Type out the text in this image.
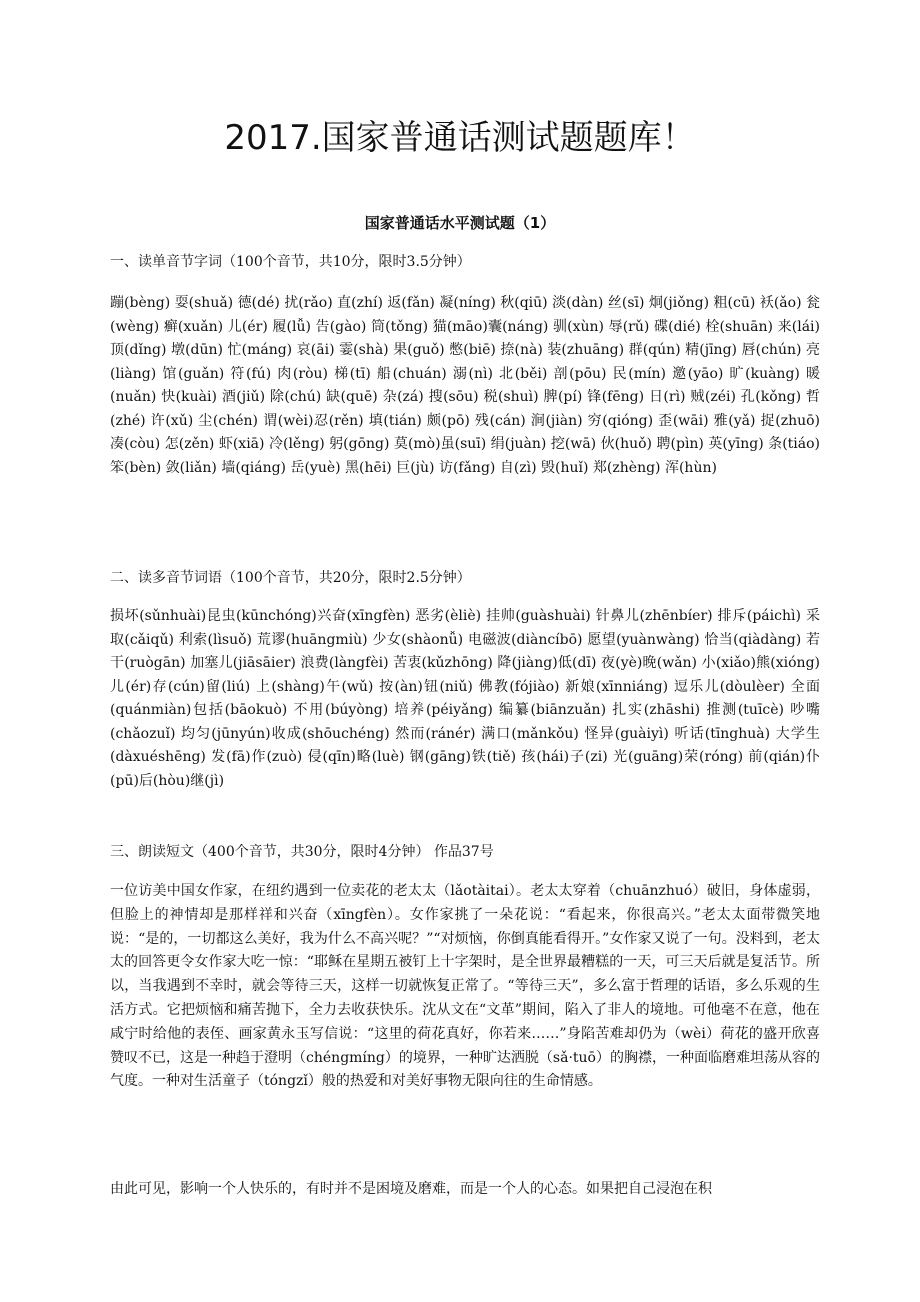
2017.国家普通话测试题题库！
国家普通话水平测试题（1）

一、读单音节字词（100个音节，共10分，限时3.5分钟）

蹦(bèng) 耍(shuǎ) 德(dé) 扰(rǎo) 直(zhí) 返(fǎn) 凝(níng) 秋(qiū) 淡(dàn) 丝(sī) 炯(jiǒng) 粗(cū) 袄(ǎo) 瓮(wèng) 癣(xuǎn) 儿(ér) 履(lǚ) 告(gào) 筒(tǒng) 猫(māo)囊(náng) 驯(xùn) 辱(rǔ) 碟(dié) 栓(shuān) 来(lái) 顶(dǐng) 墩(dūn) 忙(máng) 哀(āi) 霎(shà) 果(guǒ) 憋(biē) 捺(nà) 装(zhuāng) 群(qún) 精(jīng) 唇(chún) 亮(liàng) 馆(guǎn) 符(fú) 肉(ròu) 梯(tī) 船(chuán) 溺(nì) 北(běi) 剖(pōu) 民(mín) 邀(yāo) 旷(kuàng) 暖(nuǎn) 快(kuài) 酒(jiǔ) 除(chú) 缺(quē) 杂(zá) 搜(sōu) 税(shuì) 脾(pí) 锋(fēng) 日(rì) 贼(zéi) 孔(kǒng) 哲(zhé) 许(xǔ) 尘(chén) 谓(wèi)忍(rěn) 填(tián) 颇(pō) 残(cán) 涧(jiàn) 穷(qióng) 歪(wāi) 雅(yǎ) 捉(zhuō) 凑(còu) 怎(zěn) 虾(xiā) 冷(lěng) 躬(gōng) 莫(mò)虽(suī) 绢(juàn) 挖(wā) 伙(huǒ) 聘(pìn) 英(yīng) 条(tiáo) 笨(bèn) 敛(liǎn) 墙(qiáng) 岳(yuè) 黑(hēi) 巨(jù) 访(fǎng) 自(zì) 毁(huǐ) 郑(zhèng) 浑(hùn)

二、读多音节词语（100个音节，共20分，限时2.5分钟）

损坏(sǔnhuài)昆虫(kūnchóng)兴奋(xīngfèn) 恶劣(èliè) 挂帅(guàshuài) 针鼻儿(zhēnbíer) 排斥(páichì) 采取(cǎiqǔ) 利索(lìsuǒ) 荒谬(huāngmiù) 少女(shàonǚ) 电磁波(diàncíbō) 愿望(yuànwàng) 恰当(qiàdàng) 若干(ruògān) 加塞儿(jiāsāier) 浪费(làngfèi) 苦衷(kǔzhōng) 降(jiàng)低(dī) 夜(yè)晚(wǎn) 小(xiǎo)熊(xióng)儿(ér)存(cún)留(liú) 上(shàng)午(wǔ) 按(àn)钮(niǔ) 佛教(fójiào) 新娘(xīnniáng) 逗乐儿(dòulèer) 全面(quánmiàn)包括(bāokuò) 不用(búyòng) 培养(péiyǎng) 编纂(biānzuǎn) 扎实(zhāshi) 推测(tuīcè) 吵嘴(chǎozuǐ) 均匀(jūnyún)收成(shōuchéng) 然而(ránér) 满口(mǎnkǒu) 怪异(guàiyì) 听话(tīnghuà) 大学生(dàxuéshēng) 发(fā)作(zuò) 侵(qīn)略(luè) 钢(gāng)铁(tiě) 孩(hái)子(zi) 光(guāng)荣(róng) 前(qián)仆(pū)后(hòu)继(jì)

三、朗读短文（400个音节，共30分，限时4分钟） 作品37号

一位访美中国女作家，在纽约遇到一位卖花的老太太（lǎotàitai）。老太太穿着（chuānzhuó）破旧，身体虚弱，但脸上的神情却是那样祥和兴奋（xīngfèn）。女作家挑了一朵花说：“看起来，你很高兴。”老太太面带微笑地说：“是的，一切都这么美好，我为什么不高兴呢？”“对烦恼，你倒真能看得开。”女作家又说了一句。没料到，老太太的回答更令女作家大吃一惊：“耶稣在星期五被钉上十字架时，是全世界最糟糕的一天，可三天后就是复活节。所以，当我遇到不幸时，就会等待三天，这样一切就恢复正常了。“等待三天”，多么富于哲理的话语，多么乐观的生活方式。它把烦恼和痛苦抛下，全力去收获快乐。沈从文在“文革”期间，陷入了非人的境地。可他毫不在意，他在咸宁时给他的表侄、画家黄永玉写信说：“这里的荷花真好，你若来……”身陷苦难却仍为（wèi）荷花的盛开欣喜赞叹不已，这是一种趋于澄明（chéngmíng）的境界，一种旷达洒脱（sǎ·tuō）的胸襟，一种面临磨难坦荡从容的气度。一种对生活童子（tóngzǐ）般的热爱和对美好事物无限向往的生命情感。

由此可见，影响一个人快乐的，有时并不是困境及磨难，而是一个人的心态。如果把自己浸泡在积
